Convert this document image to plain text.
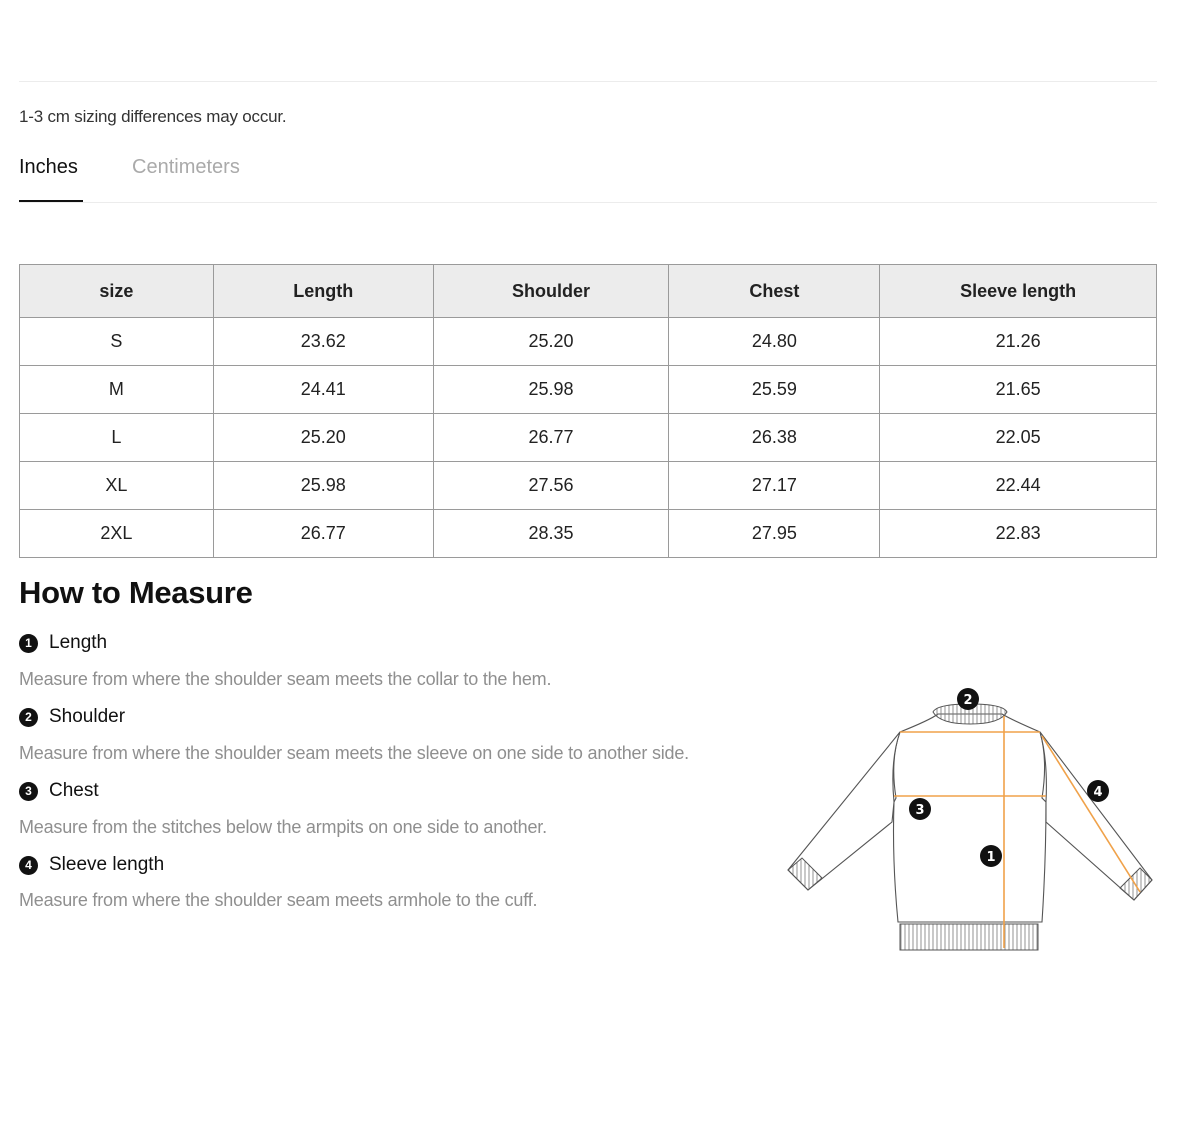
1-3 cm sizing differences may occur.
Inches	Centimeters
size	Length	Shoulder	Chest	Sleeve length
S	23.62	25.20	24.80	21.26
M	24.41	25.98	25.59	21.65
L	25.20	26.77	26.38	22.05
XL	25.98	27.56	27.17	22.44
2XL	26.77	28.35	27.95	22.83
How to Measure
1 Length
Measure from where the shoulder seam meets the collar to the hem.
2 Shoulder
Measure from where the shoulder seam meets the sleeve on one side to another side.
3 Chest
Measure from the stitches below the armpits on one side to another.
4 Sleeve length
Measure from where the shoulder seam meets armhole to the cuff.
2
4
3
1
